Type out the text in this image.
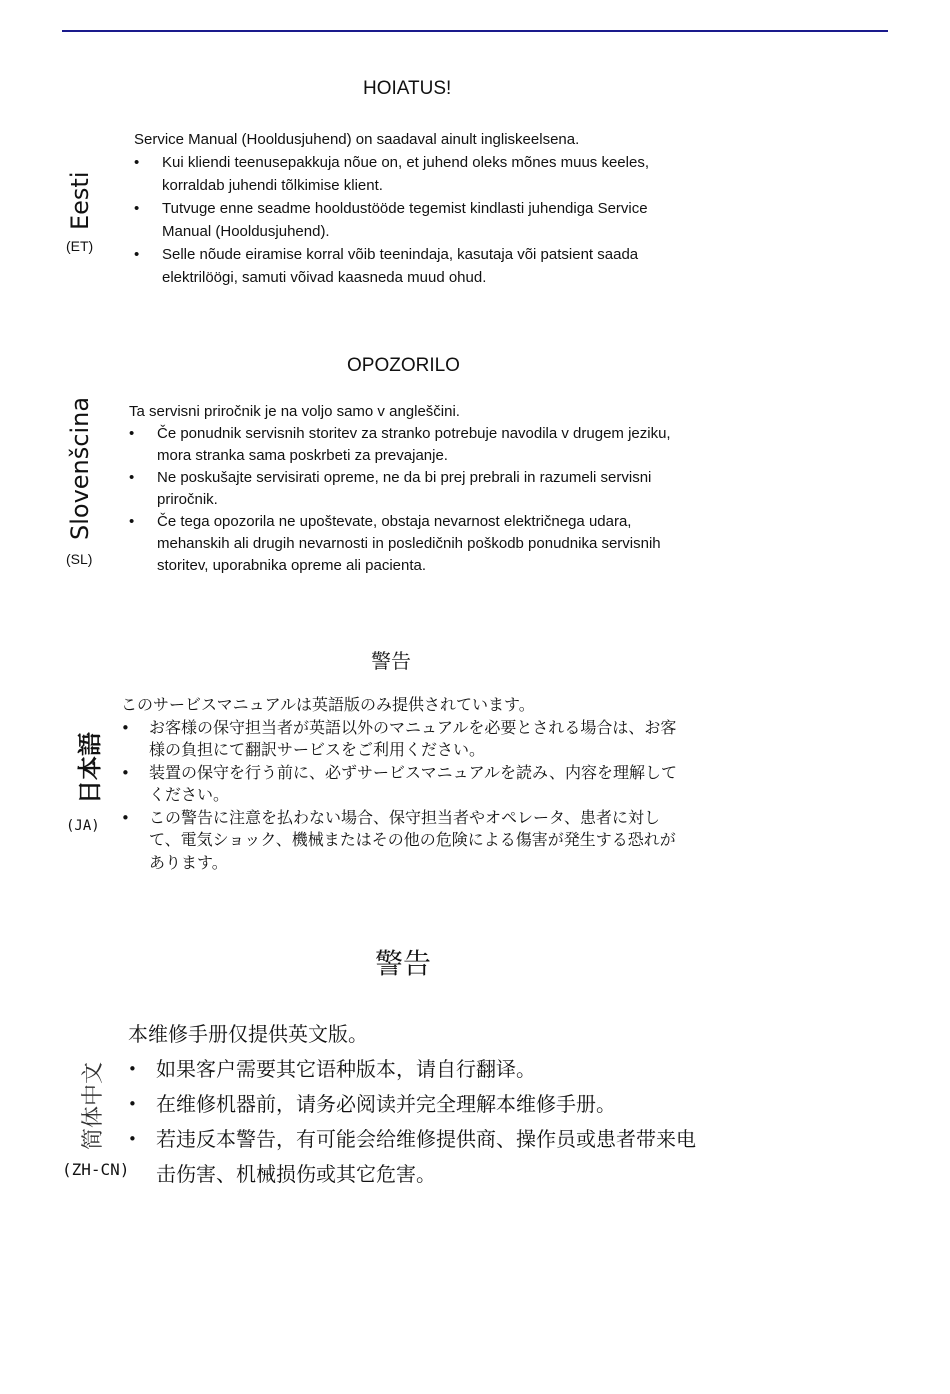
HOIATUS!
Eesti
(ET)

Service Manual (Hooldusjuhend) on saadaval ainult ingliskeelsena.

•	Kui kliendi teenusepakkuja nõue on, et juhend oleks mõnes muus keeles, korraldab juhendi tõlkimise klient.
•	Tutvuge enne seadme hooldustööde tegemist kindlasti juhendiga Service Manual (Hooldusjuhend).
•	Selle nõude eiramise korral võib teenindaja, kasutaja või patsient saada elektrilöögi, samuti võivad kaasneda muud ohud.
OPOZORILO
Slovenšcina
(SL)

Ta servisni priročnik je na voljo samo v angleščini.

•	Če ponudnik servisnih storitev za stranko potrebuje navodila v drugem jeziku, mora stranka sama poskrbeti za prevajanje.
•	Ne poskušajte servisirati opreme, ne da bi prej prebrali in razumeli servisni priročnik.
•	Če tega opozorila ne upoštevate, obstaja nevarnost električnega udara, mehanskih ali drugih nevarnosti in posledičnih poškodb ponudnika servisnih storitev, uporabnika opreme ali pacienta.
警告
日本語
(JA)

このサービスマニュアルは英語版のみ提供されています。

•	お客様の保守担当者が英語以外のマニュアルを必要とされる場合は、お客様の負担にて翻訳サービスをご利用ください。
•	装置の保守を行う前に、必ずサービスマニュアルを読み、内容を理解してください。
•	この警告に注意を払わない場合、保守担当者やオペレータ、患者に対して、電気ショック、機械またはその他の危険による傷害が発生する恐れがあります。
警告
简体中文
(ZH-CN)

本维修手册仅提供英文版。

• 如果客户需要其它语种版本，请自行翻译。
• 在维修机器前，请务必阅读并完全理解本维修手册。
• 若违反本警告，有可能会给维修提供商、操作员或患者带来电击伤害、机械损伤或其它危害。
